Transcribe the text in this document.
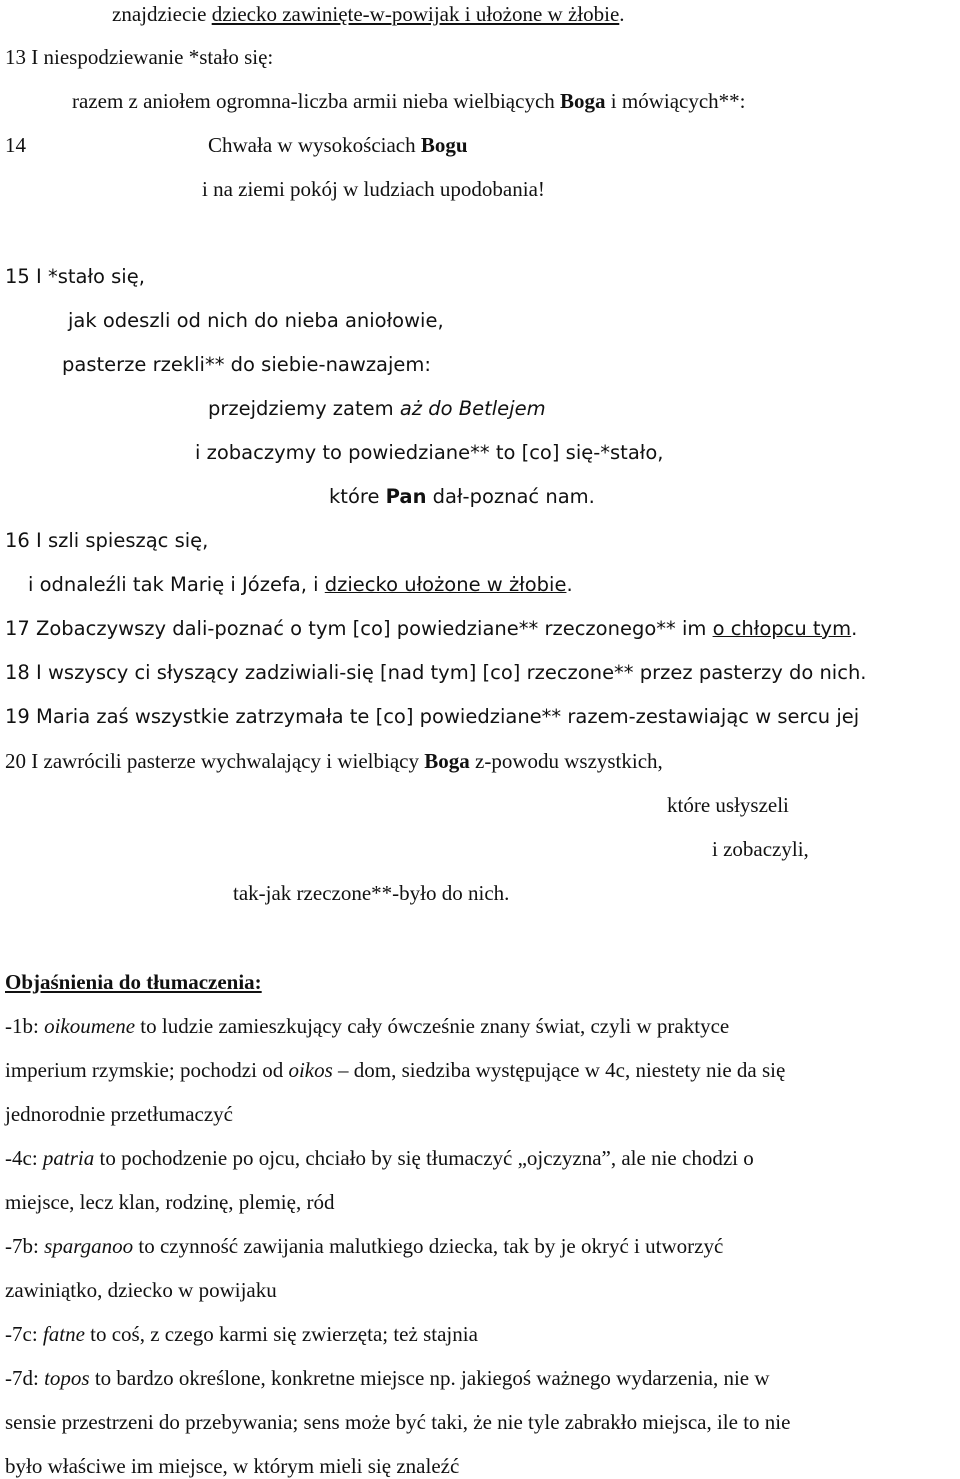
znajdziecie dziecko zawinięte-w-powijak i ułożone w żłobie.
13 I niespodziewanie *stało się:
razem z aniołem ogromna-liczba armii nieba wielbiących Boga i mówiących**:
14	Chwała w wysokościach Bogu
i na ziemi pokój w ludziach upodobania!
15 I *stało się,
jak odeszli od nich do nieba aniołowie,
pasterze rzekli** do siebie-nawzajem:
przejdziemy zatem aż do Betlejem
i zobaczymy to powiedziane** to [co] się-*stało,
które Pan dał-poznać nam.
16 I szli spiesząc się,
i odnaleźli tak Marię i Józefa, i dziecko ułożone w żłobie.
17 Zobaczywszy dali-poznać o tym [co] powiedziane** rzeczonego** im o chłopcu tym.
18 I wszyscy ci słyszący zadziwiali-się [nad tym] [co] rzeczone** przez pasterzy do nich.
19 Maria zaś wszystkie zatrzymała te [co] powiedziane** razem-zestawiając w sercu jej
20 I zawrócili pasterze wychwalający i wielbiący Boga z-powodu wszystkich,
które usłyszeli
i zobaczyli,
tak-jak rzeczone**-było do nich.
Objaśnienia do tłumaczenia:
-1b: oikoumene to ludzie zamieszkujący cały ówcześnie znany świat, czyli w praktyce
imperium rzymskie; pochodzi od oikos – dom, siedziba występujące w 4c, niestety nie da się
jednorodnie przetłumaczyć
-4c: patria to pochodzenie po ojcu, chciało by się tłumaczyć „ojczyzna”, ale nie chodzi o
miejsce, lecz klan, rodzinę, plemię, ród
-7b: sparganoo to czynność zawijania malutkiego dziecka, tak by je okryć i utworzyć
zawiniątko, dziecko w powijaku
-7c: fatne to coś, z czego karmi się zwierzęta; też stajnia
-7d: topos to bardzo określone, konkretne miejsce np. jakiegoś ważnego wydarzenia, nie w
sensie przestrzeni do przebywania; sens może być taki, że nie tyle zabrakło miejsca, ile to nie
było właściwe im miejsce, w którym mieli się znaleźć
